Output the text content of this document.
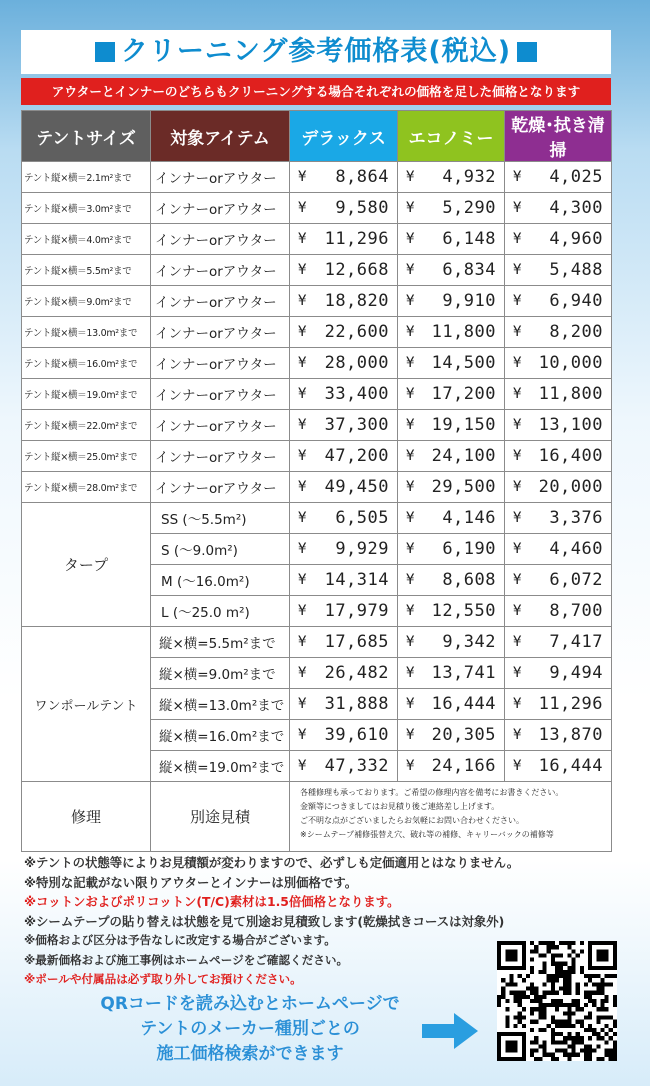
クリーニング参考価格表(税込)
アウターとインナーのどちらもクリーニングする場合それぞれの価格を足した価格となります
テントサイズ	対象アイテム	デラックス	エコノミー	乾燥･拭き清掃
テント縦×横＝2.1m²まで	インナーorアウター	¥ 8,864	¥ 4,932	¥ 4,025

テント縦×横＝3.0m²まで	インナーorアウター	¥ 9,580	¥ 5,290	¥ 4,300

テント縦×横＝4.0m²まで	インナーorアウター	¥ 11,296	¥ 6,148	¥ 4,960

テント縦×横＝5.5m²まで	インナーorアウター	¥ 12,668	¥ 6,834	¥ 5,488

テント縦×横＝9.0m²まで	インナーorアウター	¥ 18,820	¥ 9,910	¥ 6,940

テント縦×横＝13.0m²まで	インナーorアウター	¥ 22,600	¥ 11,800	¥ 8,200

テント縦×横＝16.0m²まで	インナーorアウター	¥ 28,000	¥ 14,500	¥ 10,000

テント縦×横＝19.0m²まで	インナーorアウター	¥ 33,400	¥ 17,200	¥ 11,800

テント縦×横＝22.0m²まで	インナーorアウター	¥ 37,300	¥ 19,150	¥ 13,100

テント縦×横＝25.0m²まで	インナーorアウター	¥ 47,200	¥ 24,100	¥ 16,400

テント縦×横＝28.0m²まで	インナーorアウター	¥ 49,450	¥ 29,500	¥ 20,000

タープ	SS (～5.5m²)	¥ 6,505	¥ 4,146	¥ 3,376

	S (～9.0m²)	¥ 9,929	¥ 6,190	¥ 4,460

	M (～16.0m²)	¥ 14,314	¥ 8,608	¥ 6,072

	L (～25.0 m²)	¥ 17,979	¥ 12,550	¥ 8,700

ワンポールテント	縦×横=5.5m²まで	¥ 17,685	¥ 9,342	¥ 7,417

	縦×横=9.0m²まで	¥ 26,482	¥ 13,741	¥ 9,494

	縦×横=13.0m²まで	¥ 31,888	¥ 16,444	¥ 11,296

	縦×横=16.0m²まで	¥ 39,610	¥ 20,305	¥ 13,870

	縦×横=19.0m²まで	¥ 47,332	¥ 24,166	¥ 16,444

修理	別途見積	各種修理も承っております。ご希望の修理内容を備考にお書きください。
金額等につきましてはお見積り後ご連絡差し上げます。
ご不明な点がございましたらお気軽にお問い合わせください。
※シームテープ補修張替え穴、破れ等の補修、キャリーバックの補修等		
※テントの状態等によりお見積額が変わりますので、必ずしも定価適用とはなりません。
※特別な記載がない限りアウターとインナーは別価格です。
※コットンおよびポリコットン(T/C)素材は1.5倍価格となります。
※シームテープの貼り替えは状態を見て別途お見積致します(乾燥拭きコースは対象外)
※価格および区分は予告なしに改定する場合がございます。
※最新価格および施工事例はホームページをご確認ください。
※ポールや付属品は必ず取り外してお預けください。
QRコードを読み込むとホームページで
テントのメーカー種別ごとの
施工価格検索ができます
